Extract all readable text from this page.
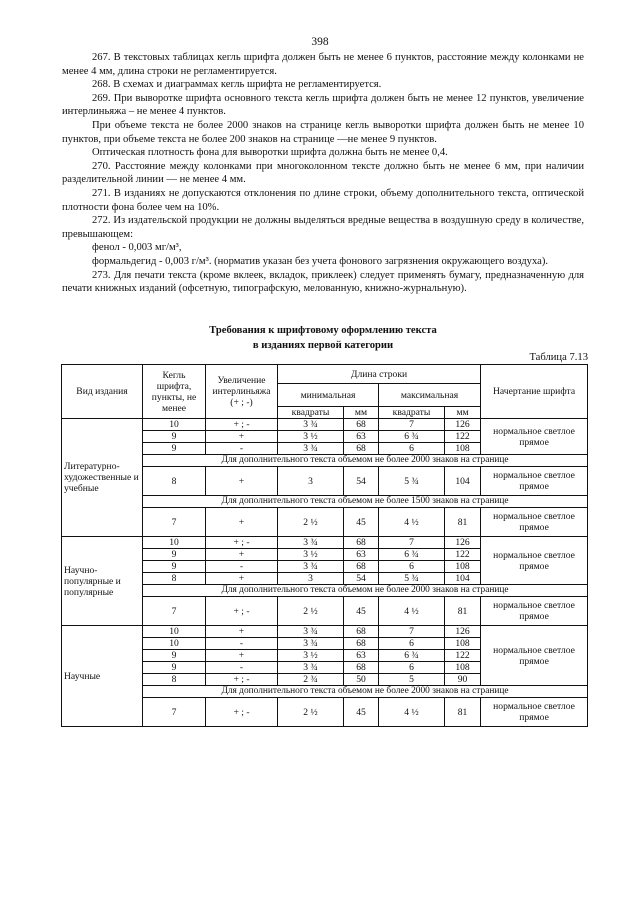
398

267. В текстовых таблицах кегль шрифта должен быть не менее 6 пунктов, расстояние между колонками не менее 4 мм, длина строки не регламентируется.

268. В схемах и диаграммах кегль шрифта не регламентируется.

269. При выворотке шрифта основного текста кегль шрифта должен быть не менее 12 пунктов, увеличение интерлиньяжа – не менее 4 пунктов.

При объеме текста не более 2000 знаков на странице кегль выворотки шрифта должен быть не менее 10 пунктов, при объеме текста не более 200 знаков на странице —не менее 9 пунктов.

Оптическая плотность фона для выворотки шрифта должна быть не менее 0,4.

270. Расстояние между колонками при многоколонном тексте должно быть не менее 6 мм, при наличии разделительной линии — не менее 4 мм.

271. В изданиях не допускаются отклонения по длине строки, объему дополнительного текста, оптической плотности фона более чем на 10%.

272. Из издательской продукции не должны выделяться вредные вещества в воздушную среду в количестве, превышающем:

фенол - 0,003 мг/м³,

формальдегид - 0,003 г/м³. (норматив указан без учета фонового загрязнения окружающего воздуха).

273. Для печати текста (кроме вклеек, вкладок, приклеек) следует применять бумагу, предназначенную для печати книжных изданий (офсетную, типографскую, мелованную, книжно-журнальную).

Требования к шрифтовому оформлению текста
в изданиях первой категории
Таблица 7.13
Вид издания	Кегль шрифта, пункты, не менее	Увеличение интерлиньяжа (+ ; -)	Длина строки				Начертание шрифта
			минимальная		максимальная		
			квадраты	мм	квадраты	мм	
Литературно-художественные и учебные	10	+ ; -	3 ¾	68	7	126	нормальное светлое прямое
	9	+	3 ½	63	6 ¾	122	
	9	-	3 ¾	68	6	108	
	Для дополнительного текста объемом не более 2000 знаков на странице						
	8	+	3	54	5 ¾	104	нормальное светлое прямое
	Для дополнительного текста объемом не более 1500 знаков на странице						
	7	+	2 ½	45	4 ½	81	нормальное светлое прямое
Научно-популярные и популярные	10	+ ; -	3 ¾	68	7	126	нормальное светлое прямое
	9	+	3 ½	63	6 ¾	122	
	9	-	3 ¾	68	6	108	
	8	+	3	54	5 ¾	104	
	Для дополнительного текста объемом не более 2000 знаков на странице						
	7	+ ; -	2 ½	45	4 ½	81	нормальное светлое прямое
Научные	10	+	3 ¾	68	7	126	нормальное светлое прямое
	10	-	3 ¾	68	6	108	
	9	+	3 ½	63	6 ¾	122	
	9	-	3 ¾	68	6	108	
	8	+ ; -	2 ¾	50	5	90	
	Для дополнительного текста объемом не более 2000 знаков на странице						
	7	+ ; -	2 ½	45	4 ½	81	нормальное светлое прямое
